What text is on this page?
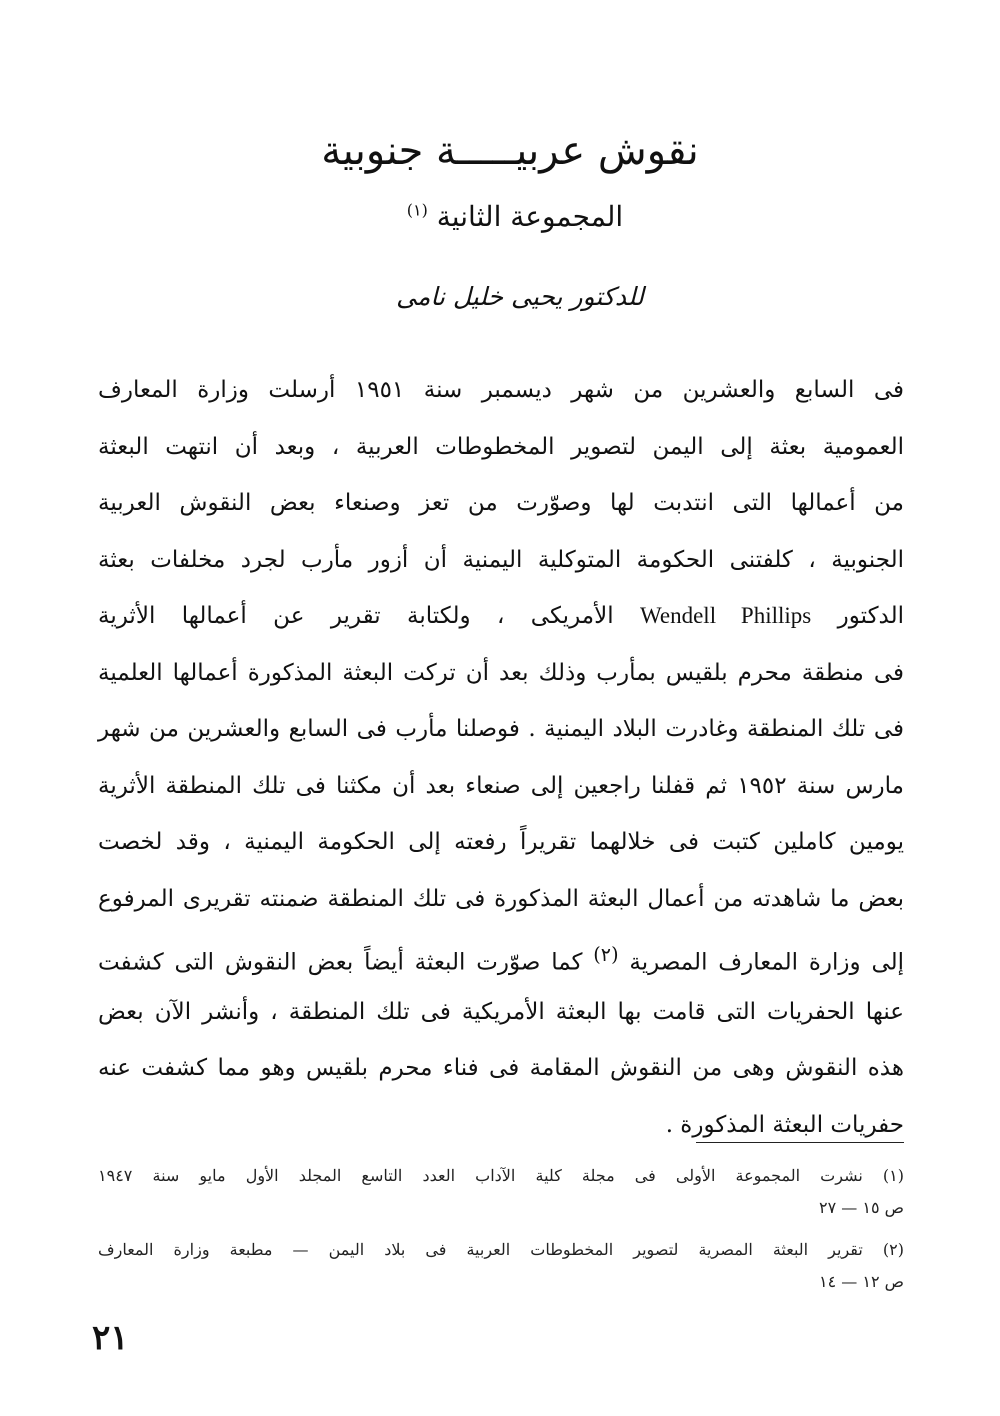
نقوش عربيـــــة جنوبية
المجموعة الثانية $^{(١)}$
للدكتور يحيى خليل نامى
فى السابع والعشرين من شهر ديسمبر سنة ١٩٥١ أرسلت وزارة المعارف
العمومية بعثة إلى اليمن لتصوير المخطوطات العربية ، وبعد أن انتهت البعثة
من أعمالها التى انتدبت لها وصوّرت من تعز وصنعاء بعض النقوش العربية
الجنوبية ، كلفتنى الحكومة المتوكلية اليمنية أن أزور مأرب لجرد مخلفات بعثة
الدكتور Wendell Phillips الأمريكى ، ولكتابة تقرير عن أعمالها الأثرية
فى منطقة محرم بلقيس بمأرب وذلك بعد أن تركت البعثة المذكورة أعمالها العلمية
فى تلك المنطقة وغادرت البلاد اليمنية . فوصلنا مأرب فى السابع والعشرين من شهر
مارس سنة ١٩٥٢ ثم قفلنا راجعين إلى صنعاء بعد أن مكثنا فى تلك المنطقة الأثرية
يومين كاملين كتبت فى خلالهما تقريراً رفعته إلى الحكومة اليمنية ، وقد لخصت
بعض ما شاهدته من أعمال البعثة المذكورة فى تلك المنطقة ضمنته تقريرى المرفوع
إلى وزارة المعارف المصرية $^{(٢)}$ كما صوّرت البعثة أيضاً بعض النقوش التى كشفت
عنها الحفريات التى قامت بها البعثة الأمريكية فى تلك المنطقة ، وأنشر الآن بعض
هذه النقوش وهى من النقوش المقامة فى فناء محرم بلقيس وهو مما كشفت عنه
حفريات البعثة المذكورة .
(١) نشرت المجموعة الأولى فى مجلة كلية الآداب العدد التاسع المجلد الأول مايو سنة ١٩٤٧
ص ١٥ — ٢٧
(٢) تقرير البعثة المصرية لتصوير المخطوطات العربية فى بلاد اليمن — مطبعة وزارة المعارف
ص ١٢ — ١٤
٢١
